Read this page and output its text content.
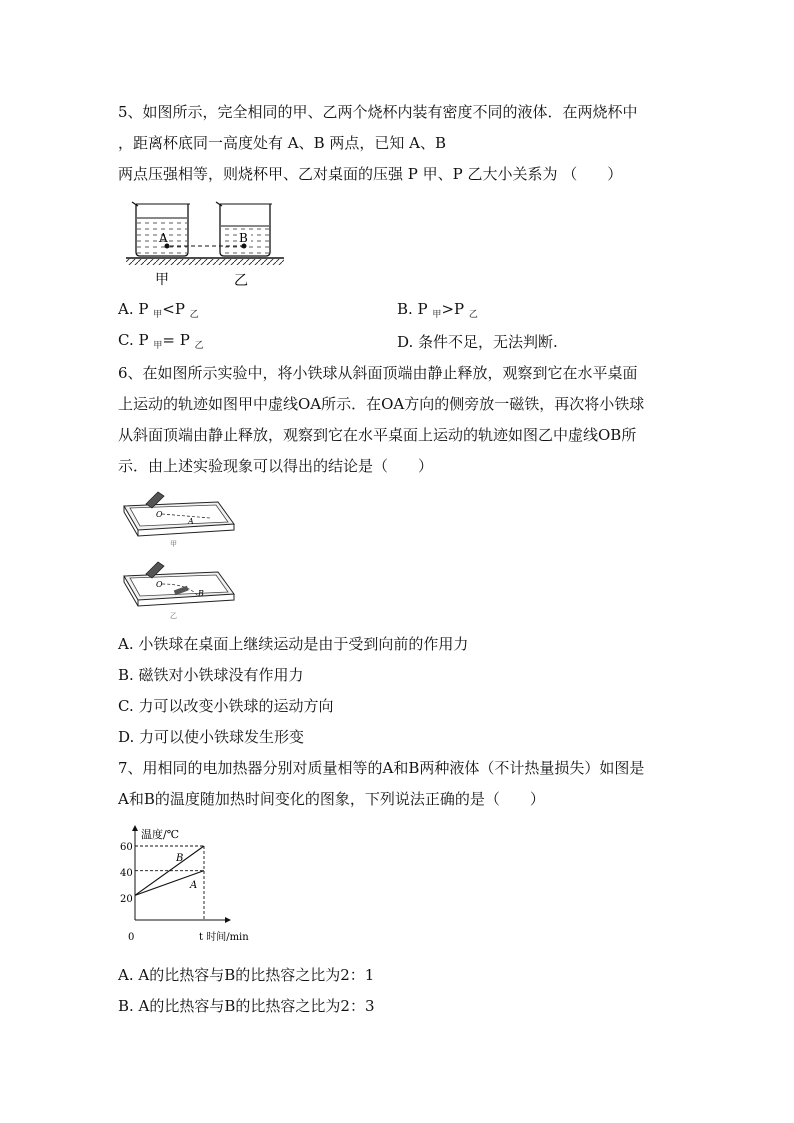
5、如图所示，完全相同的甲、乙两个烧杯内装有密度不同的液体．在两烧杯中
，距离杯底同一高度处有 A、B 两点，已知 A、B
两点压强相等，则烧杯甲、乙对桌面的压强 P 甲、P 乙大小关系为 （　　）
A	B
甲	乙
A. P $_甲$<P $_乙$	B. P $_甲$>P $_乙$
C. P $_甲$= P $_乙$	D. 条件不足，无法判断.
6、在如图所示实验中，将小铁球从斜面顶端由静止释放，观察到它在水平桌面
上运动的轨迹如图甲中虚线OA所示．在OA方向的侧旁放一磁铁，再次将小铁球
从斜面顶端由静止释放，观察到它在水平桌面上运动的轨迹如图乙中虚线OB所
示．由上述实验现象可以得出的结论是（　　）
O
A
甲
O
B
乙
A. 小铁球在桌面上继续运动是由于受到向前的作用力
B. 磁铁对小铁球没有作用力
C. 力可以改变小铁球的运动方向
D. 力可以使小铁球发生形变
7、用相同的电加热器分别对质量相等的A和B两种液体（不计热量损失）如图是
A和B的温度随加热时间变化的图象，下列说法正确的是（　　）
温度/℃
t 时间/min
0
60
40
20
B
A
A. A的比热容与B的比热容之比为2：1
B. A的比热容与B的比热容之比为2：3
